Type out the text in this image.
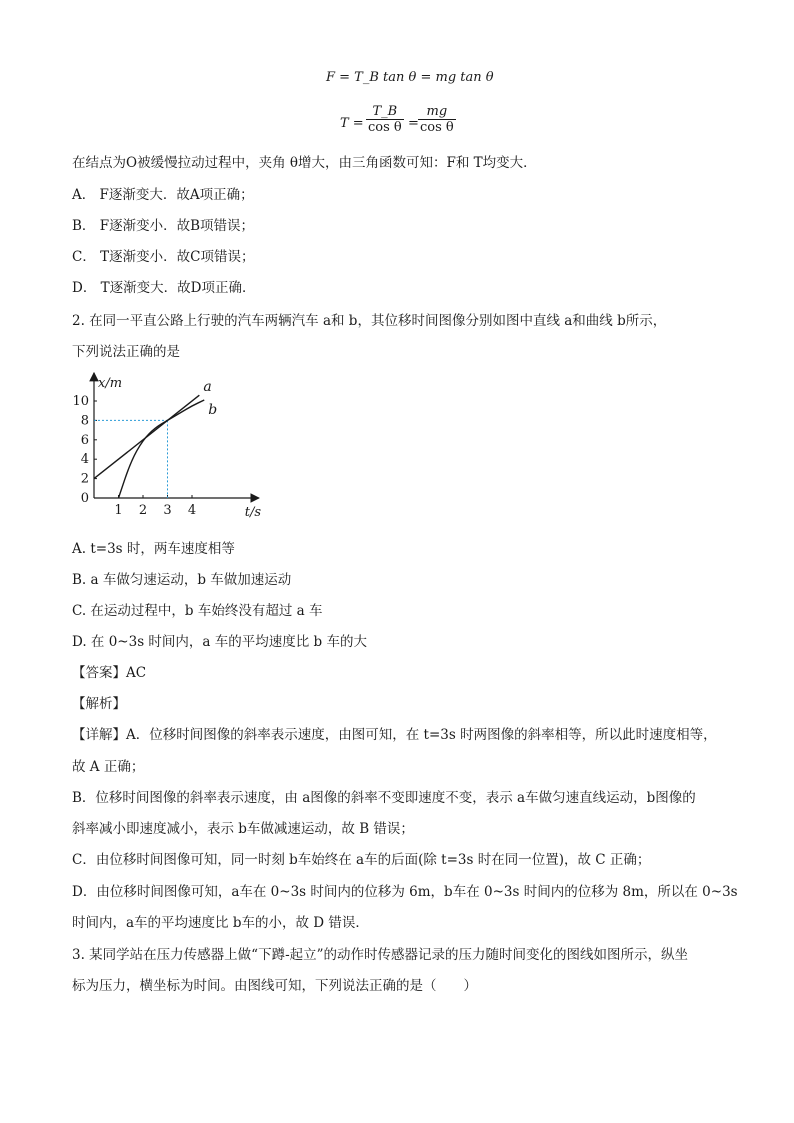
F = T_B tan θ = mg tan θ
$T = \frac{T\_B}{\text{cos θ}} = \frac{mg}{\text{cos θ}}$
在结点为O被缓慢拉动过程中，夹角 θ增大，由三角函数可知：F和 T均变大．
A． F逐渐变大．故A项正确；
B． F逐渐变小．故B项错误；
C． T逐渐变小．故C项错误；
D． T逐渐变大．故D项正确．
2. 在同一平直公路上行驶的汽车两辆汽车 a和 b，其位移时间图像分别如图中直线 a和曲线 b所示，
下列说法正确的是
1 2 3 4
0
2
4
6
8
10
x/m
t/s
a
b
A. t=3s 时，两车速度相等
B. a 车做匀速运动，b 车做加速运动
C. 在运动过程中，b 车始终没有超过 a 车
D. 在 0~3s 时间内，a 车的平均速度比 b 车的大
【答案】AC
【解析】
【详解】A．位移时间图像的斜率表示速度，由图可知，在 t=3s 时两图像的斜率相等，所以此时速度相等，
故 A 正确；
B．位移时间图像的斜率表示速度，由 a图像的斜率不变即速度不变，表示 a车做匀速直线运动，b图像的
斜率减小即速度减小，表示 b车做减速运动，故 B 错误；
C．由位移时间图像可知，同一时刻 b车始终在 a车的后面(除 t=3s 时在同一位置)，故 C 正确；
D．由位移时间图像可知，a车在 0~3s 时间内的位移为 6m，b车在 0~3s 时间内的位移为 8m，所以在 0~3s
时间内，a车的平均速度比 b车的小，故 D 错误．
3. 某同学站在压力传感器上做“下蹲-起立”的动作时传感器记录的压力随时间变化的图线如图所示，纵坐
标为压力，横坐标为时间。由图线可知，下列说法正确的是（　　）
